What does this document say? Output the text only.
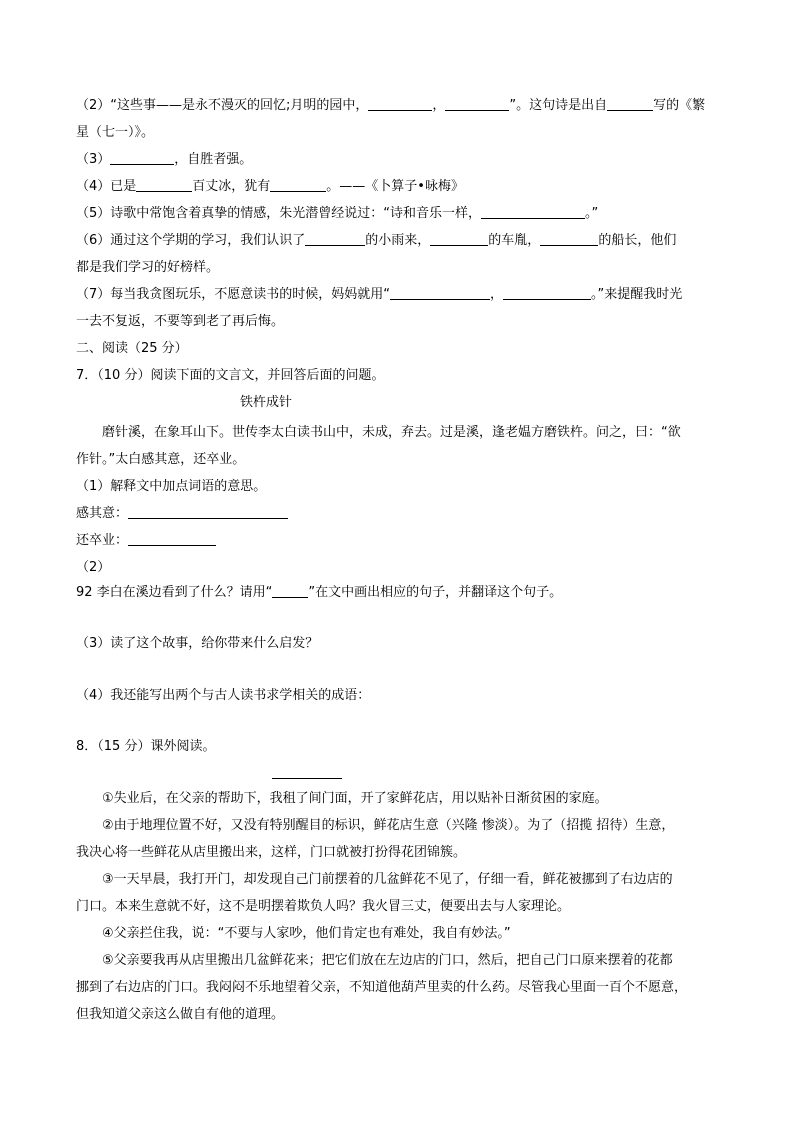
（2）“这些事——是永不漫灭的回忆;月明的园中，	，	”。这句诗是出自	写的《繁

星（七一）》。

（3）	，自胜者强。

（4）已是	百丈冰，犹有	。——《卜算子•咏梅》

（5）诗歌中常饱含着真挚的情感，朱光潜曾经说过：“诗和音乐一样，	。”

（6）通过这个学期的学习，我们认识了	的小雨来，	的车胤，	的船长，他们

都是我们学习的好榜样。

（7）每当我贪图玩乐，不愿意读书的时候，妈妈就用“	，	。”来提醒我时光

一去不复返，不要等到老了再后悔。

二、阅读（25 分）

7．（10 分）阅读下面的文言文，并回答后面的问题。

铁杵成针

磨针溪，在象耳山下。世传李太白读书山中，未成，弃去。过是溪，逢老媪方磨铁杵。问之，曰：“欲

作针。”太白感其意，还卒业。

（1）解释文中加点词语的意思。

感其意：

还卒业：

（2）

92 李白在溪边看到了什么？请用“	”在文中画出相应的句子，并翻译这个句子。

（3）读了这个故事，给你带来什么启发？

（4）我还能写出两个与古人读书求学相关的成语：

8．（15 分）课外阅读。

①失业后，在父亲的帮助下，我租了间门面，开了家鲜花店，用以贴补日渐贫困的家庭。

②由于地理位置不好，又没有特别醒目的标识，鲜花店生意（兴隆 惨淡）。为了（招揽 招待）生意，

我决心将一些鲜花从店里搬出来，这样，门口就被打扮得花团锦簇。

③一天早晨，我打开门，却发现自己门前摆着的几盆鲜花不见了，仔细一看，鲜花被挪到了右边店的

门口。本来生意就不好，这不是明摆着欺负人吗？我火冒三丈，便要出去与人家理论。

④父亲拦住我，说：“不要与人家吵，他们肯定也有难处，我自有妙法。”

⑤父亲要我再从店里搬出几盆鲜花来；把它们放在左边店的门口，然后，把自己门口原来摆着的花都

挪到了右边店的门口。我闷闷不乐地望着父亲，不知道他葫芦里卖的什么药。尽管我心里面一百个不愿意，

但我知道父亲这么做自有他的道理。
